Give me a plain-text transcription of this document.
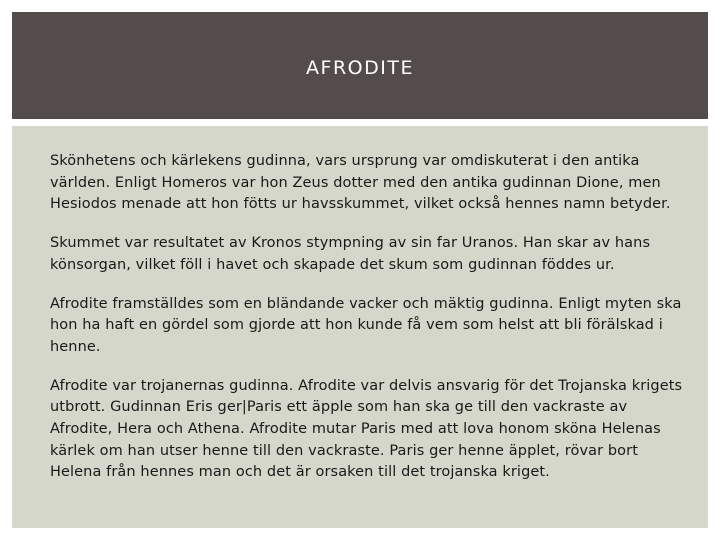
AFRODITE

Skönhetens och kärlekens gudinna, vars ursprung var omdiskuterat i den antika världen. Enligt Homeros var hon Zeus dotter med den antika gudinnan Dione, men Hesiodos menade att hon fötts ur havsskummet, vilket också hennes namn betyder.

Skummet var resultatet av Kronos stympning av sin far Uranos. Han skar av hans könsorgan, vilket föll i havet och skapade det skum som gudinnan föddes ur.

Afrodite framställdes som en bländande vacker och mäktig gudinna. Enligt myten ska hon ha haft en gördel som gjorde att hon kunde få vem som helst att bli förälskad i henne.

Afrodite var trojanernas gudinna. Afrodite var delvis ansvarig för det Trojanska krigets utbrott. Gudinnan Eris ger|Paris ett äpple som han ska ge till den vackraste av Afrodite, Hera och Athena. Afrodite mutar Paris med att lova honom sköna Helenas kärlek om han utser henne till den vackraste. Paris ger henne äpplet, rövar bort Helena från hennes man och det är orsaken till det trojanska kriget.
